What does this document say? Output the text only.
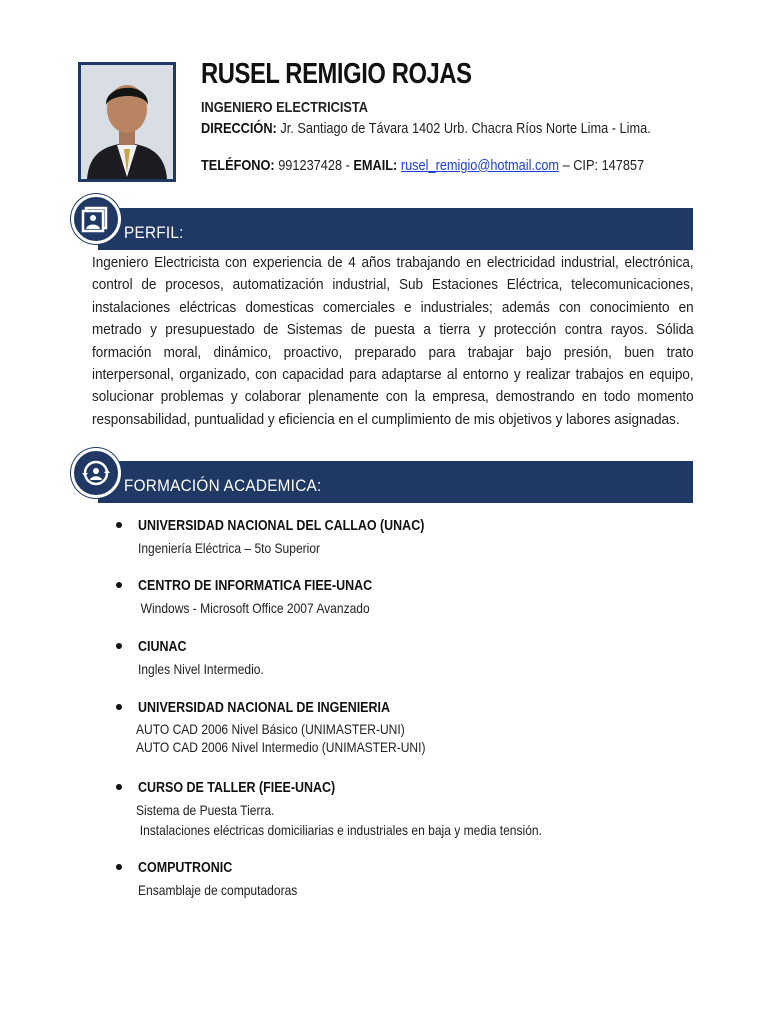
RUSEL REMIGIO ROJAS
INGENIERO ELECTRICISTA
DIRECCIÓN: Jr. Santiago de Távara 1402 Urb. Chacra Ríos Norte Lima - Lima.
TELÉFONO: 991237428 - EMAIL: rusel_remigio@hotmail.com – CIP: 147857
PERFIL:
Ingeniero Electricista con experiencia de 4 años trabajando en electricidad industrial, electrónica, control de procesos, automatización industrial, Sub Estaciones Eléctrica, telecomunicaciones, instalaciones eléctricas domesticas comerciales e industriales; además con conocimiento en metrado y presupuestado de Sistemas de puesta a tierra y protección contra rayos. Sólida formación moral, dinámico, proactivo, preparado para trabajar bajo presión, buen trato interpersonal, organizado, con capacidad para adaptarse al entorno y realizar trabajos en equipo, solucionar problemas y colaborar plenamente con la empresa, demostrando en todo momento responsabilidad, puntualidad y eficiencia en el cumplimiento de mis objetivos y labores asignadas.
FORMACIÓN ACADEMICA:
UNIVERSIDAD NACIONAL DEL CALLAO (UNAC)
Ingeniería Eléctrica – 5to Superior
CENTRO DE INFORMATICA FIEE-UNAC
Windows - Microsoft Office 2007 Avanzado
CIUNAC
Ingles Nivel Intermedio.
UNIVERSIDAD NACIONAL DE INGENIERIA
AUTO CAD 2006 Nivel Básico (UNIMASTER-UNI)
AUTO CAD 2006 Nivel Intermedio (UNIMASTER-UNI)
CURSO DE TALLER (FIEE-UNAC)
Sistema de Puesta Tierra.
Instalaciones eléctricas domiciliarias e industriales en baja y media tensión.
COMPUTRONIC
Ensamblaje de computadoras
